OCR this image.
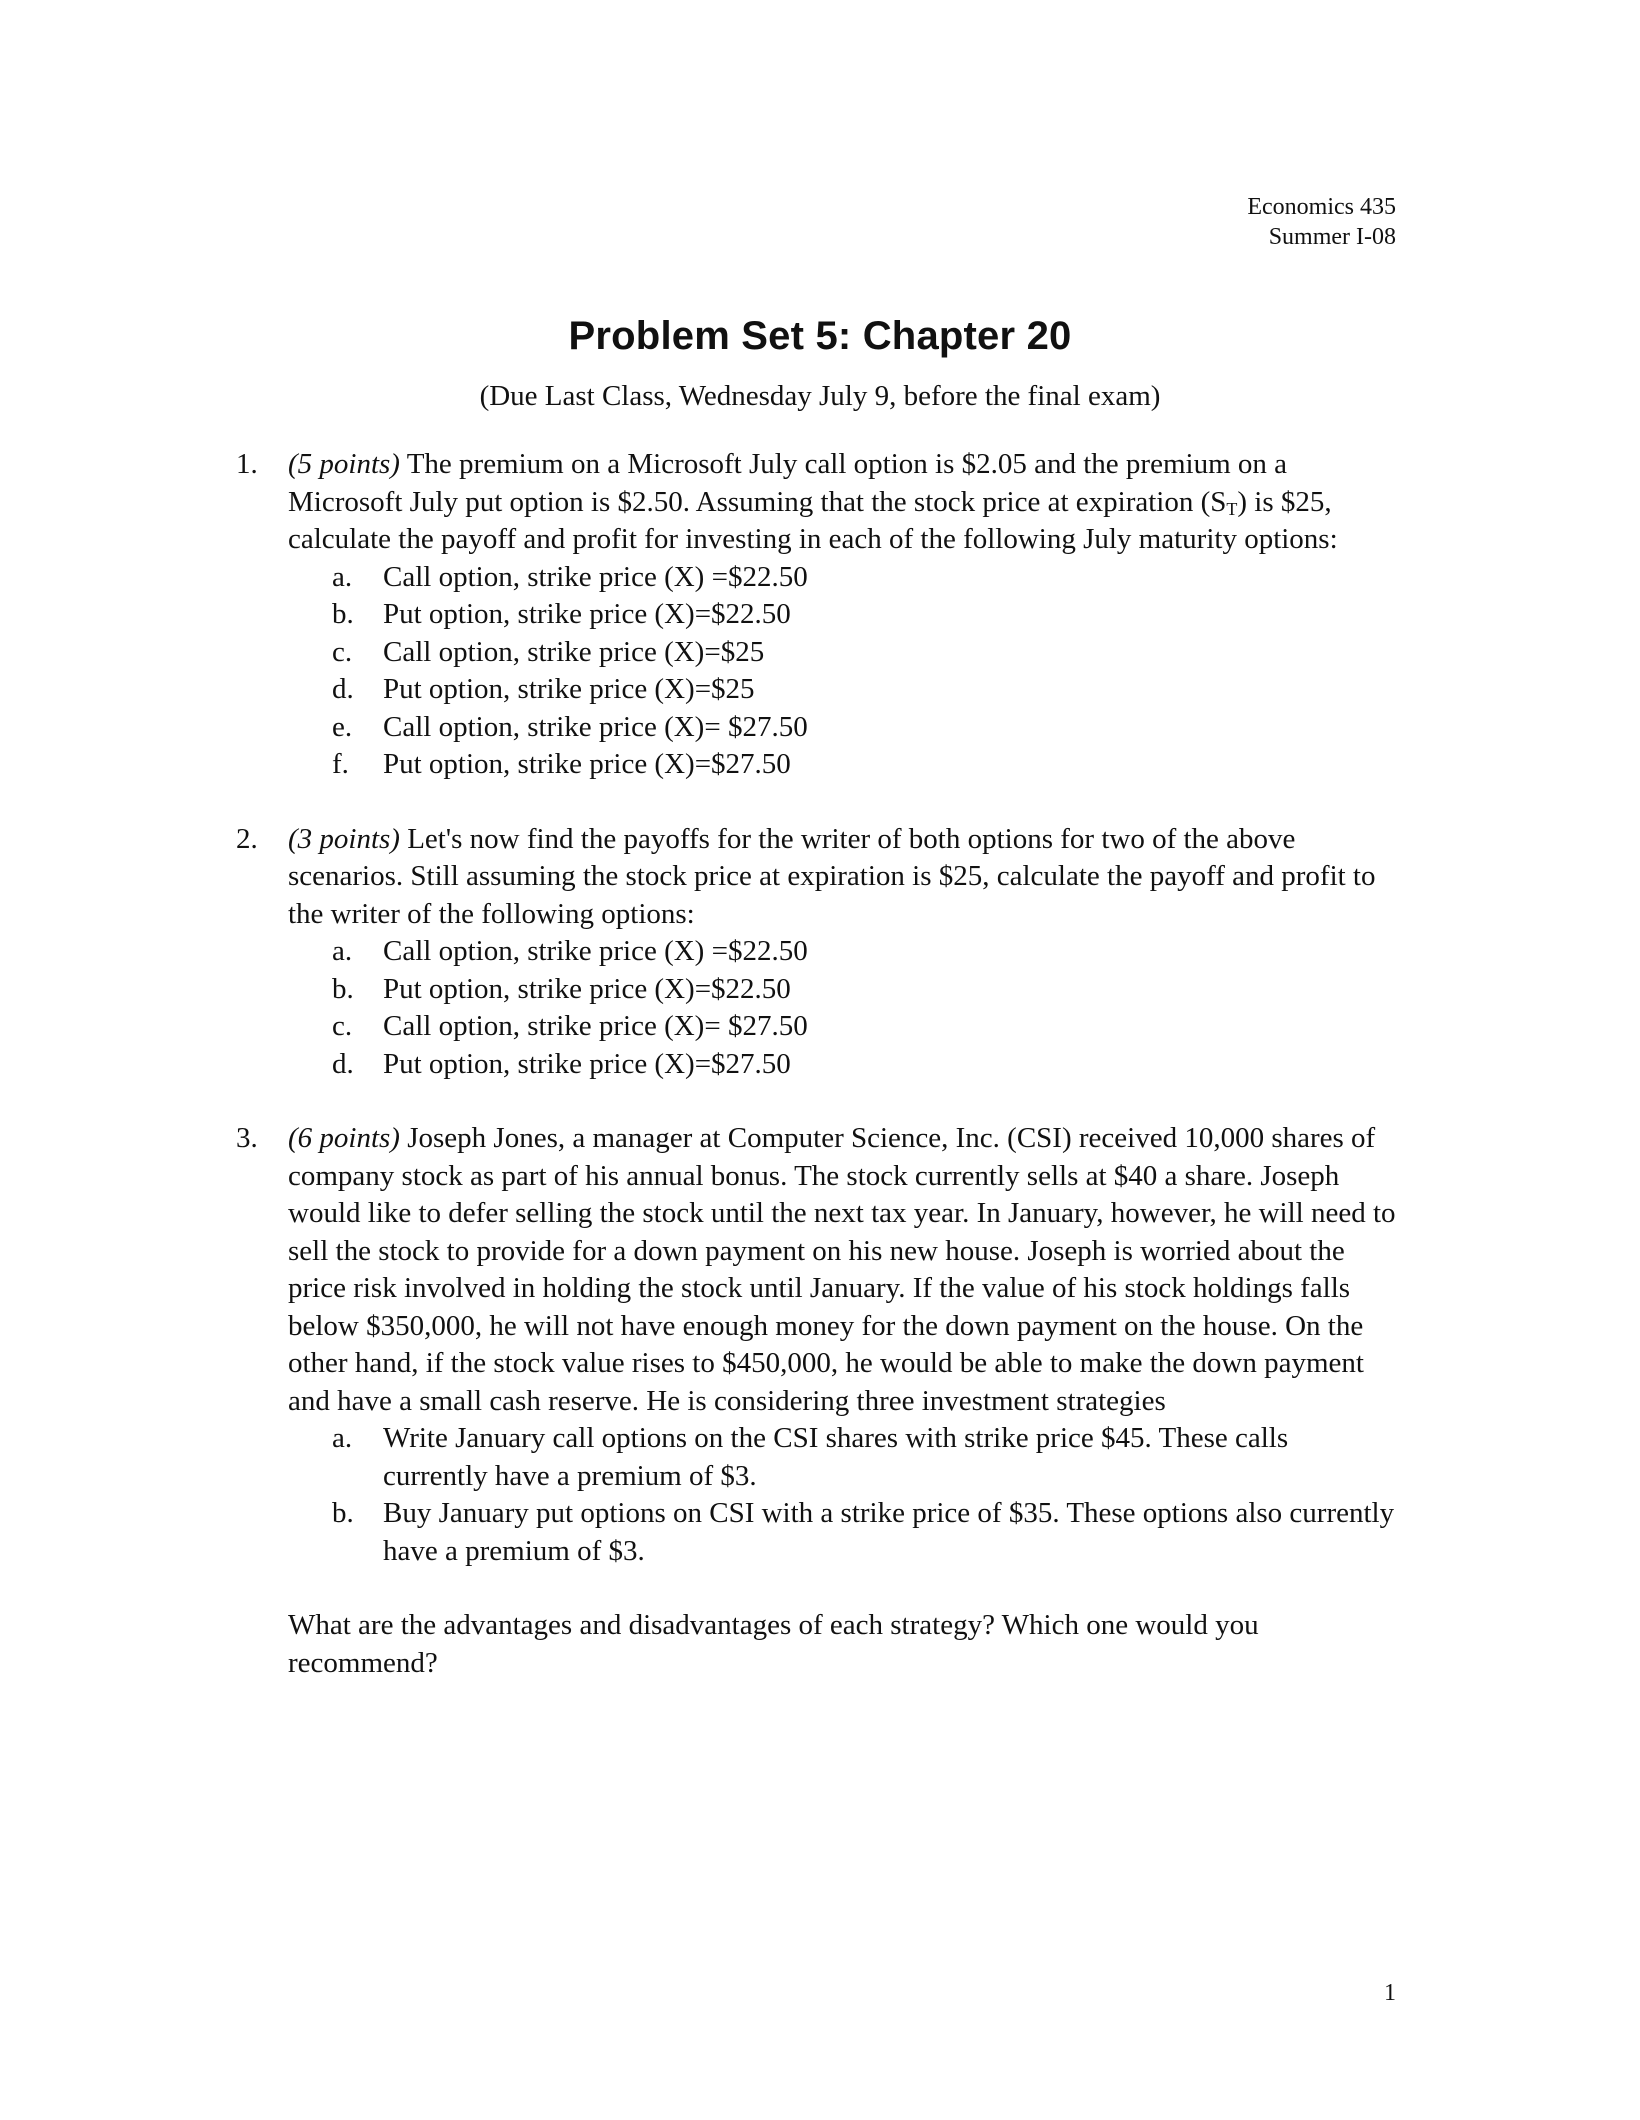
Economics 435
Summer I-08
Problem Set 5: Chapter 20
(Due Last Class, Wednesday July 9, before the final exam)
1. (5 points) The premium on a Microsoft July call option is $2.05 and the premium on a Microsoft July put option is $2.50. Assuming that the stock price at expiration $(S_T)$ is $25, calculate the payoff and profit for investing in each of the following July maturity options:
a. Call option, strike price (X) =$22.50
b. Put option, strike price (X)=$22.50
c. Call option, strike price (X)=$25
d. Put option, strike price (X)=$25
e. Call option, strike price (X)= $27.50
f. Put option, strike price (X)=$27.50
2. (3 points) Let's now find the payoffs for the writer of both options for two of the above scenarios. Still assuming the stock price at expiration is $25, calculate the payoff and profit to the writer of the following options:
a. Call option, strike price (X) =$22.50
b. Put option, strike price (X)=$22.50
c. Call option, strike price (X)= $27.50
d. Put option, strike price (X)=$27.50
3. (6 points) Joseph Jones, a manager at Computer Science, Inc. (CSI) received 10,000 shares of company stock as part of his annual bonus. The stock currently sells at $40 a share. Joseph would like to defer selling the stock until the next tax year. In January, however, he will need to sell the stock to provide for a down payment on his new house. Joseph is worried about the price risk involved in holding the stock until January. If the value of his stock holdings falls below $350,000, he will not have enough money for the down payment on the house. On the other hand, if the stock value rises to $450,000, he would be able to make the down payment and have a small cash reserve. He is considering three investment strategies
a. Write January call options on the CSI shares with strike price $45. These calls currently have a premium of $3.
b. Buy January put options on CSI with a strike price of $35. These options also currently have a premium of $3.
What are the advantages and disadvantages of each strategy? Which one would you recommend?
1
